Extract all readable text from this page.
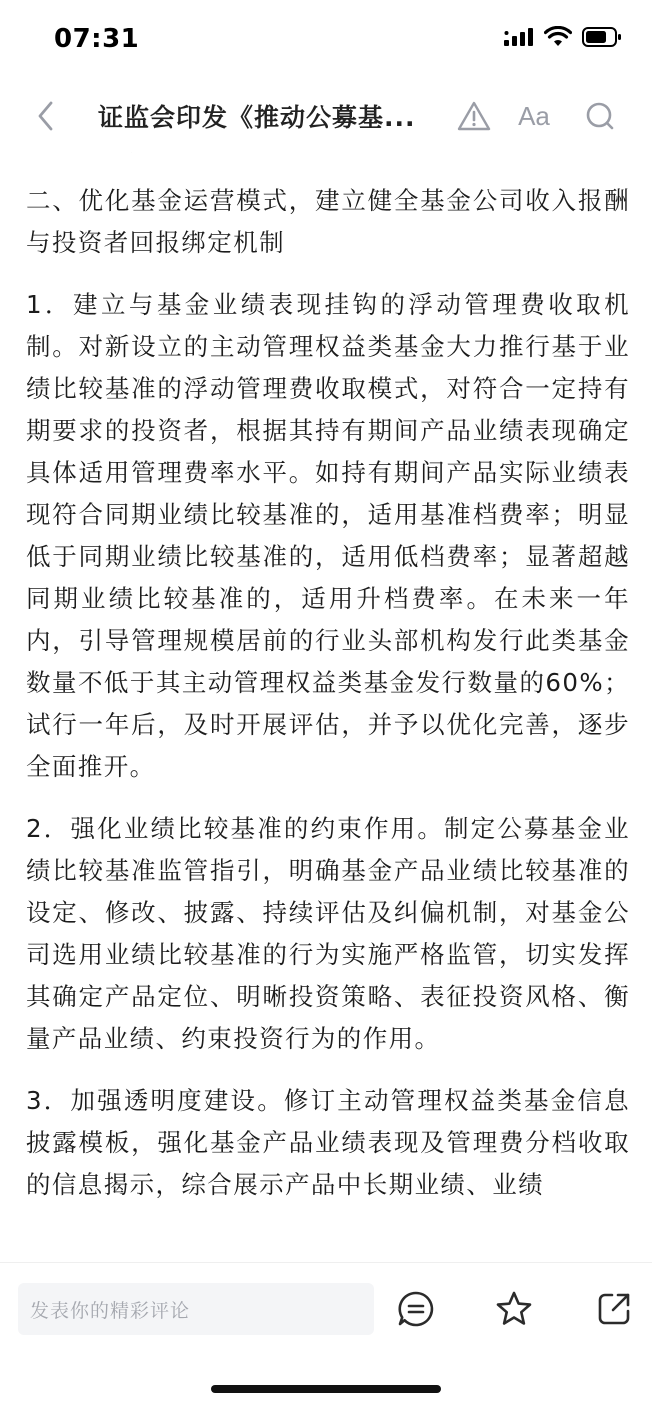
07:31
证监会印发《推动公募基...	Aa

二、优化基金运营模式，建立健全基金公司收入报酬与投资者回报绑定机制

1．建立与基金业绩表现挂钩的浮动管理费收取机制。对新设立的主动管理权益类基金大力推行基于业绩比较基准的浮动管理费收取模式，对符合一定持有期要求的投资者，根据其持有期间产品业绩表现确定具体适用管理费率水平。如持有期间产品实际业绩表现符合同期业绩比较基准的，适用基准档费率；明显低于同期业绩比较基准的，适用低档费率；显著超越同期业绩比较基准的，适用升档费率。在未来一年内，引导管理规模居前的行业头部机构发行此类基金数量不低于其主动管理权益类基金发行数量的60%；试行一年后，及时开展评估，并予以优化完善，逐步全面推开。

2．强化业绩比较基准的约束作用。制定公募基金业绩比较基准监管指引，明确基金产品业绩比较基准的设定、修改、披露、持续评估及纠偏机制，对基金公司选用业绩比较基准的行为实施严格监管，切实发挥其确定产品定位、明晰投资策略、表征投资风格、衡量产品业绩、约束投资行为的作用。

3．加强透明度建设。修订主动管理权益类基金信息披露模板，强化基金产品业绩表现及管理费分档收取的信息揭示，综合展示产品中长期业绩、业绩

发表你的精彩评论
